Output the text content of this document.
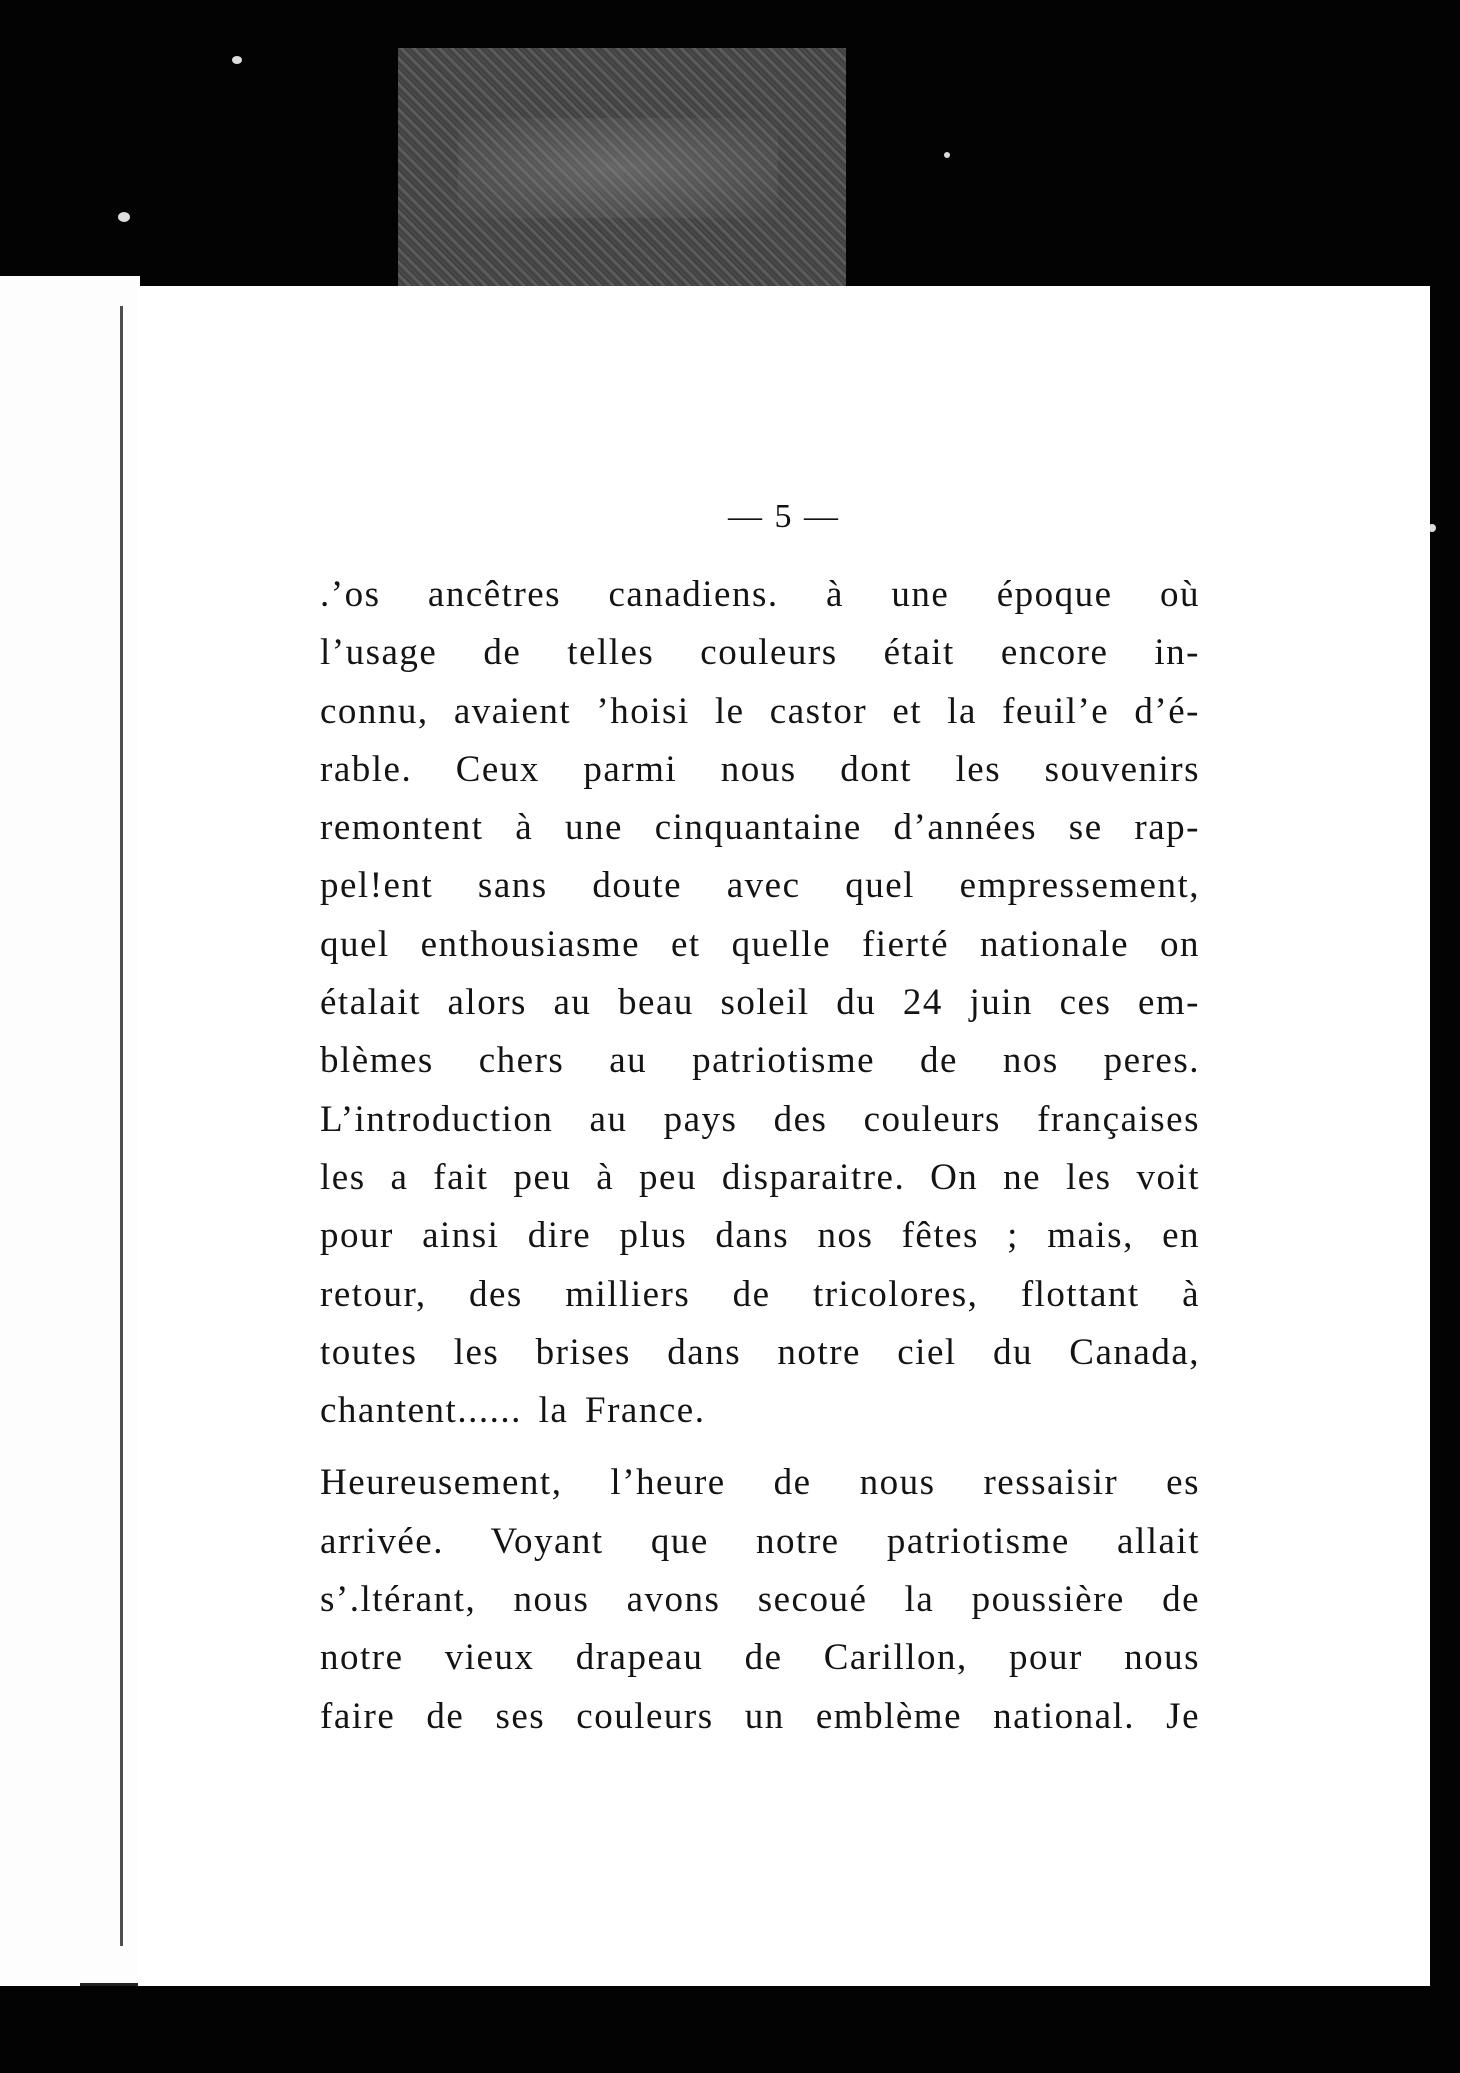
— 5 —
.’os ancêtres canadiens. à une époque où
l’usage de telles couleurs était encore in-
connu, avaient ’hoisi le castor et la feuil’e d’é-
rable. Ceux parmi nous dont les souvenirs
remontent à une cinquantaine d’années se rap-
pel!ent sans doute avec quel empressement,
quel enthousiasme et quelle fierté nationale on
étalait alors au beau soleil du 24 juin ces em-
blèmes chers au patriotisme de nos peres.
L’introduction au pays des couleurs françaises
les a fait peu à peu disparaitre. On ne les voit
pour ainsi dire plus dans nos fêtes ; mais, en
retour, des milliers de tricolores, flottant à
toutes les brises dans notre ciel du Canada,
chantent...... la France.
Heureusement, l’heure de nous ressaisir es
arrivée. Voyant que notre patriotisme allait
s’.ltérant, nous avons secoué la poussière de
notre vieux drapeau de Carillon, pour nous
faire de ses couleurs un emblème national. Je
